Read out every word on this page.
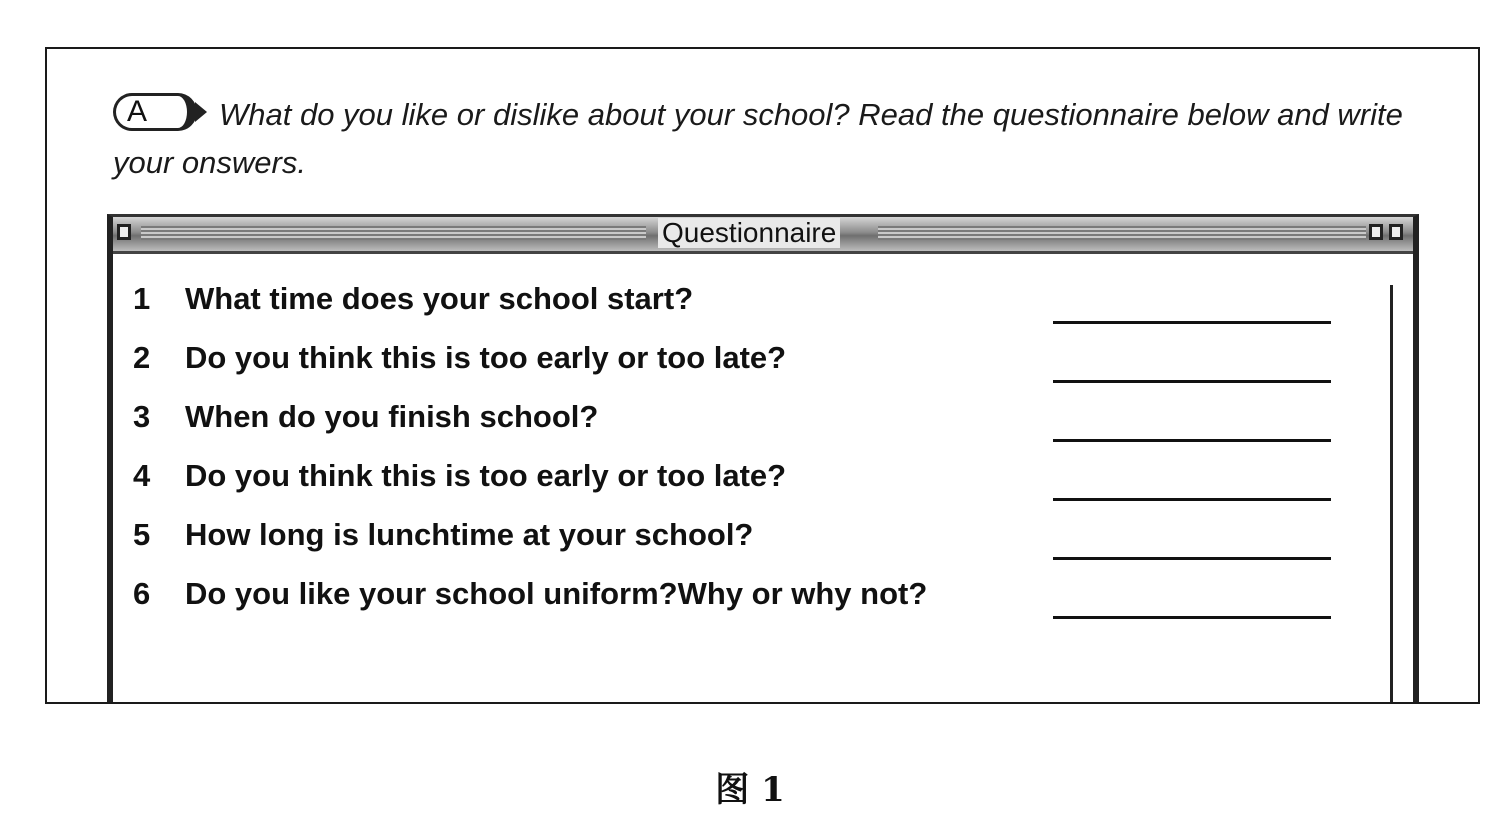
A What do you like or dislike about your school? Read the questionnaire below and write your onswers.
Questionnaire
1 What time does your school start?
2 Do you think this is too early or too late?
3 When do you finish school?
4 Do you think this is too early or too late?
5 How long is lunchtime at your school?
6 Do you like your school uniform?Why or why not?
图 1
